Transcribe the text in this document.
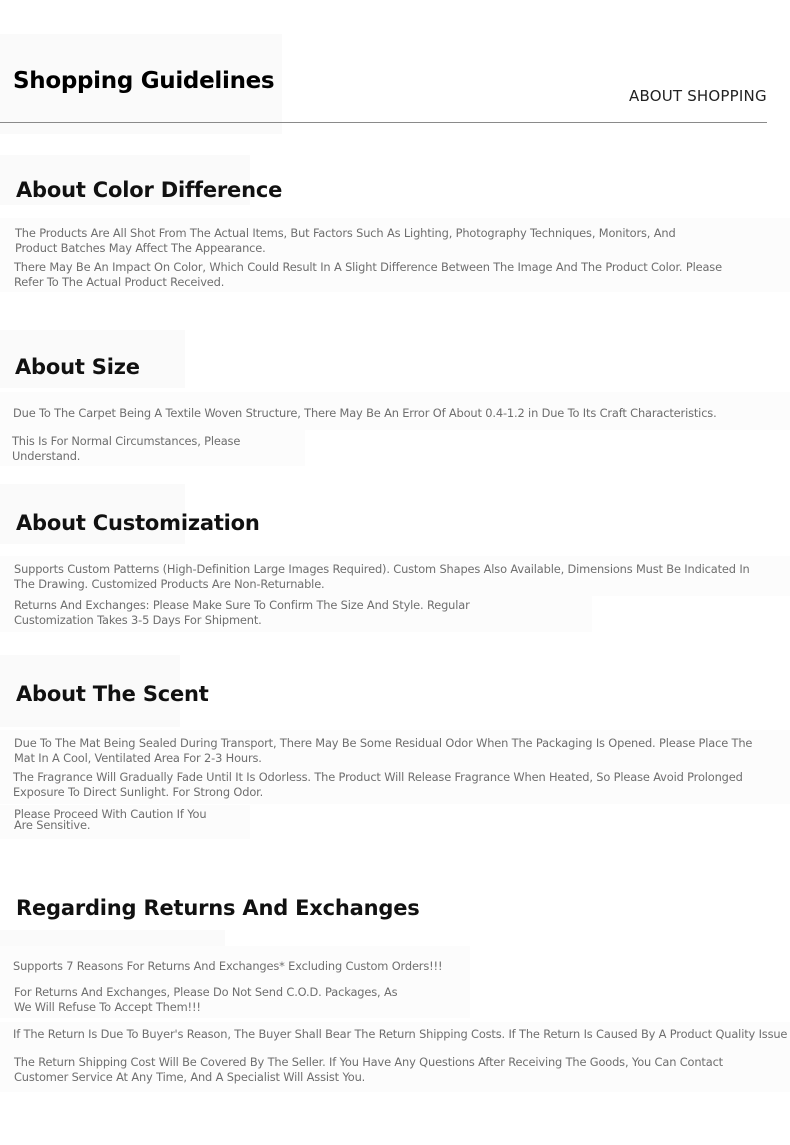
Shopping Guidelines
ABOUT SHOPPING
About Color Difference

The Products Are All Shot From The Actual Items, But Factors Such As Lighting, Photography Techniques, Monitors, And Product Batches May Affect The Appearance.

There May Be An Impact On Color, Which Could Result In A Slight Difference Between The Image And The Product Color. Please Refer To The Actual Product Received.

About Size

Due To The Carpet Being A Textile Woven Structure, There May Be An Error Of About 0.4-1.2 in Due To Its Craft Characteristics.

This Is For Normal Circumstances, Please Understand.

About Customization

Supports Custom Patterns (High-Definition Large Images Required). Custom Shapes Also Available, Dimensions Must Be Indicated In The Drawing. Customized Products Are Non-Returnable.

Returns And Exchanges: Please Make Sure To Confirm The Size And Style. Regular Customization Takes 3-5 Days For Shipment.

About The Scent

Due To The Mat Being Sealed During Transport, There May Be Some Residual Odor When The Packaging Is Opened. Please Place The Mat In A Cool, Ventilated Area For 2-3 Hours.

The Fragrance Will Gradually Fade Until It Is Odorless. The Product Will Release Fragrance When Heated, So Please Avoid Prolonged Exposure To Direct Sunlight. For Strong Odor.

Please Proceed With Caution If You Are Sensitive.

Regarding Returns And Exchanges

Supports 7 Reasons For Returns And Exchanges* Excluding Custom Orders!!!

For Returns And Exchanges, Please Do Not Send C.O.D. Packages, As We Will Refuse To Accept Them!!!

If The Return Is Due To Buyer's Reason, The Buyer Shall Bear The Return Shipping Costs. If The Return Is Caused By A Product Quality Issue

The Return Shipping Cost Will Be Covered By The Seller. If You Have Any Questions After Receiving The Goods, You Can Contact Customer Service At Any Time, And A Specialist Will Assist You.
